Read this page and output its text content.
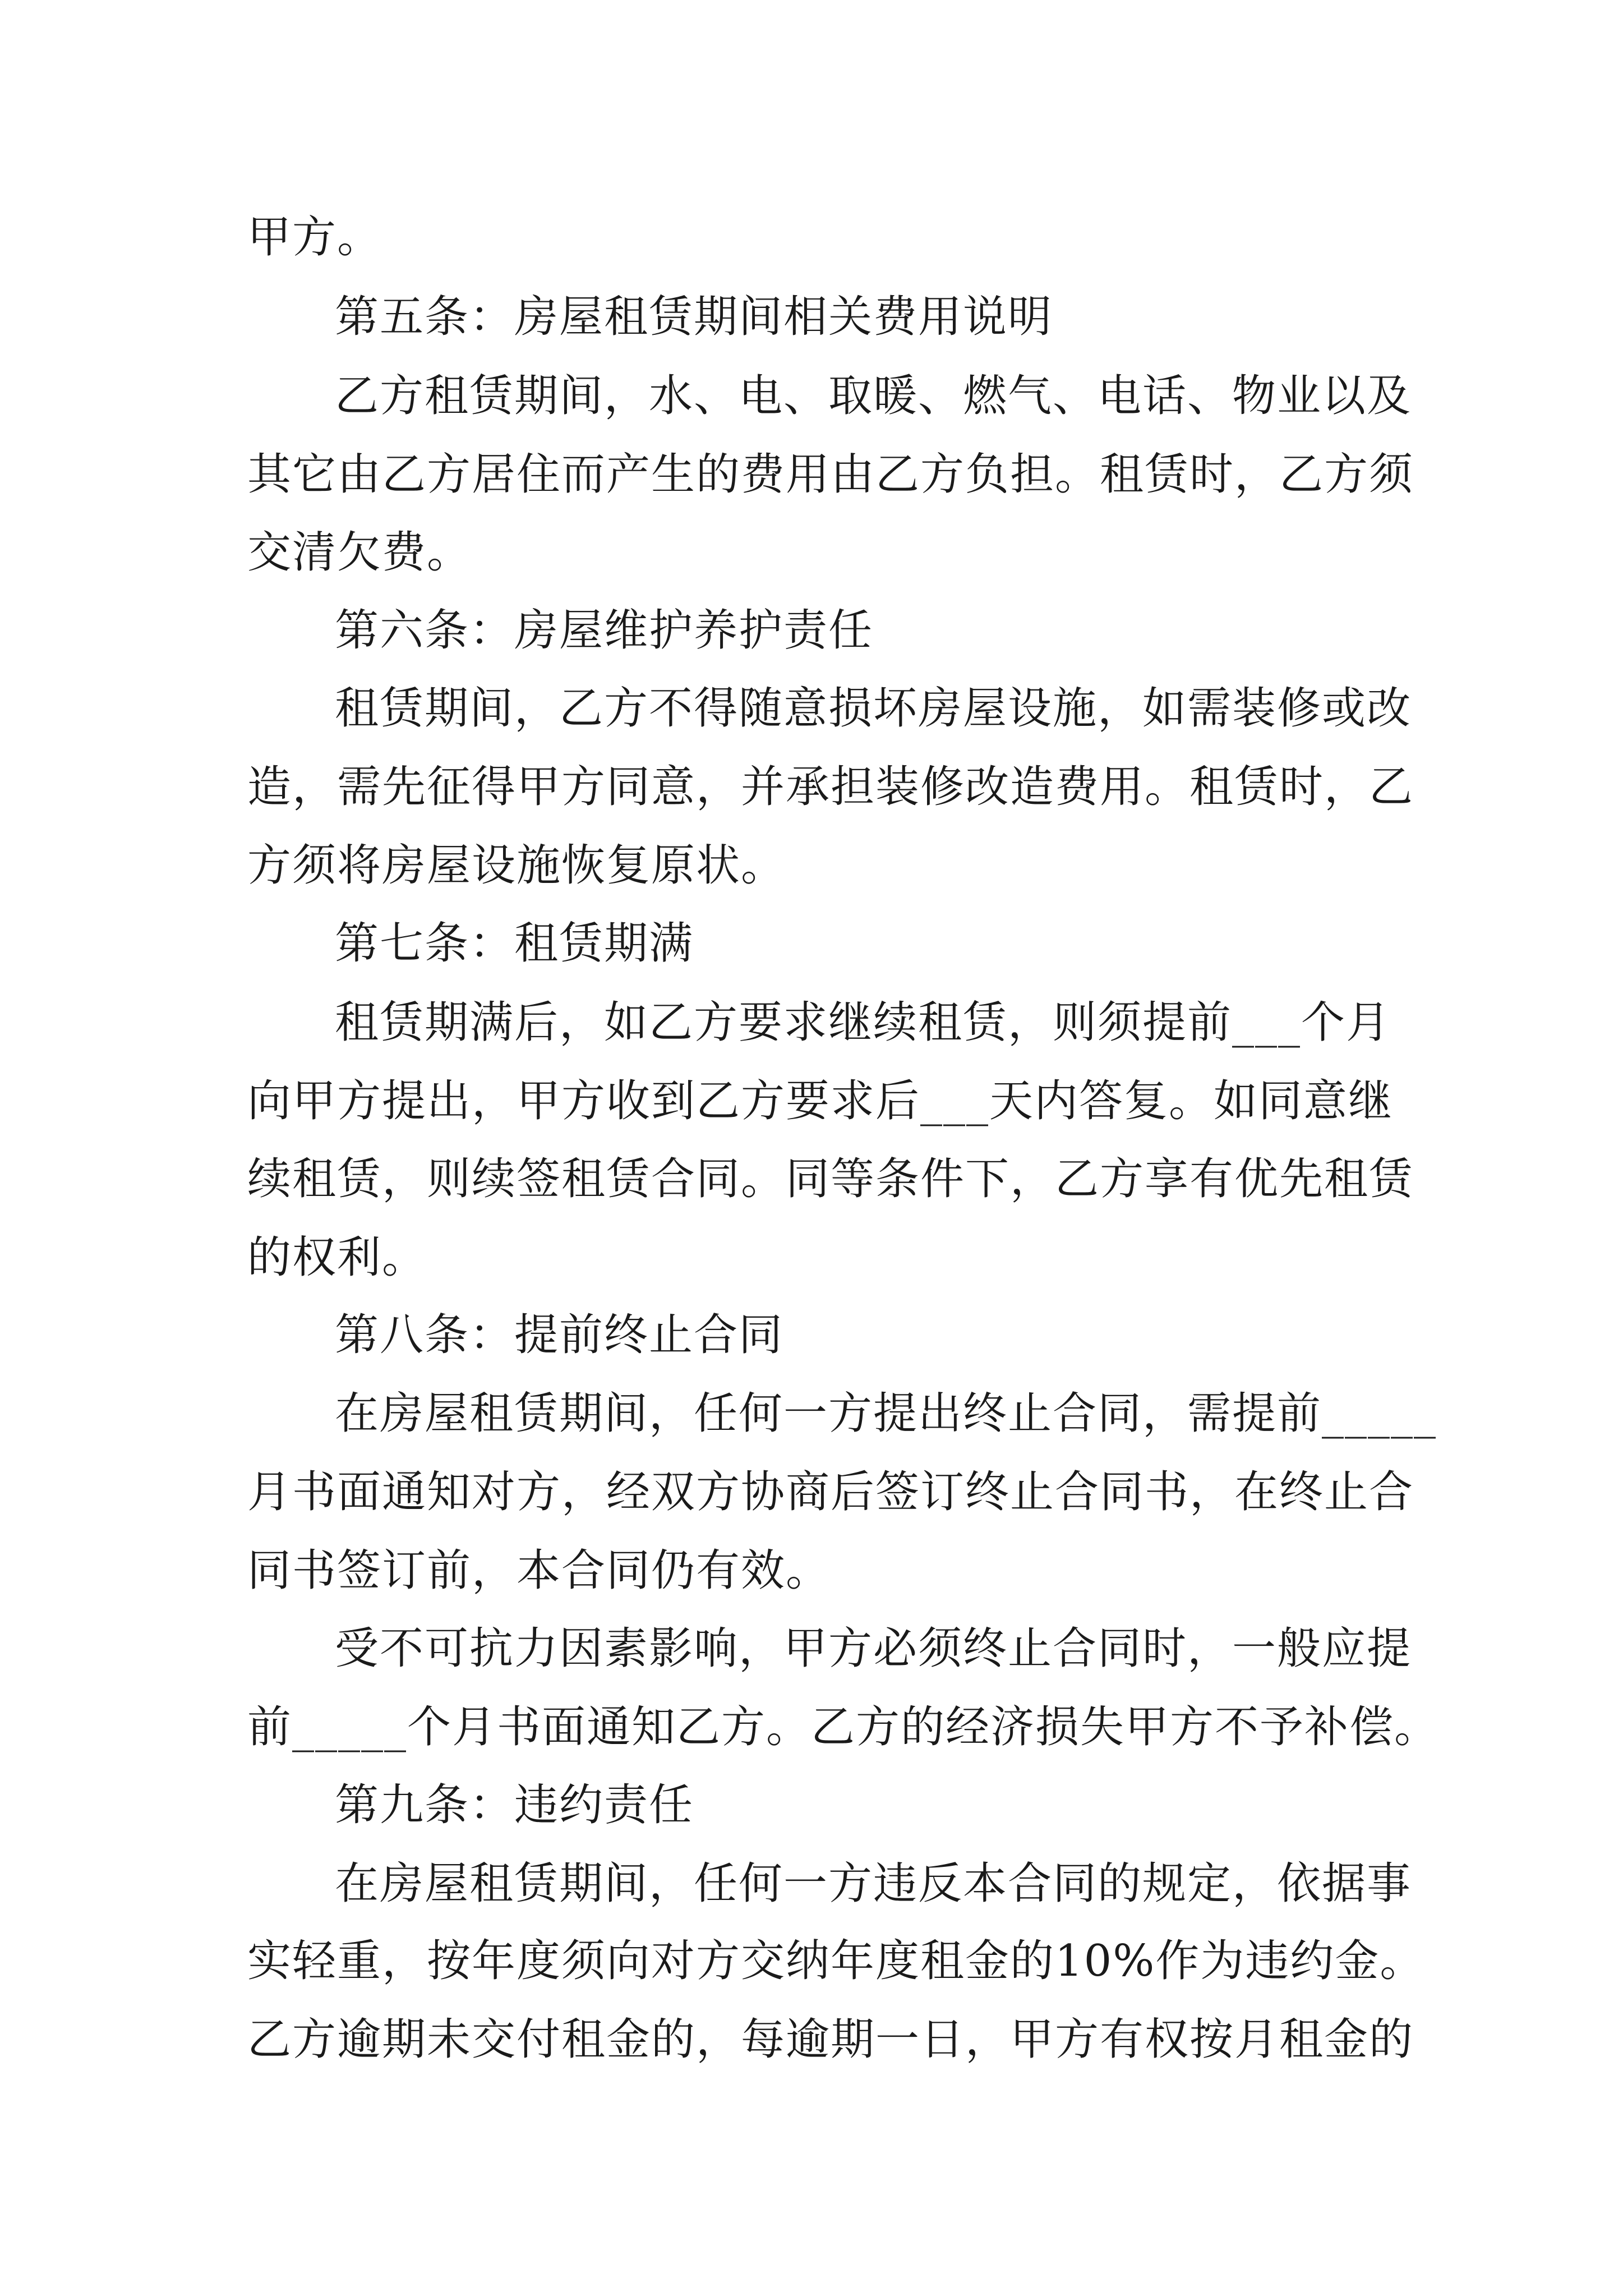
甲方。
第五条：房屋租赁期间相关费用说明
乙方租赁期间，水、电、取暖、燃气、电话、物业以及
其它由乙方居住而产生的费用由乙方负担。租赁时，乙方须
交清欠费。
第六条：房屋维护养护责任
租赁期间，乙方不得随意损坏房屋设施，如需装修或改
造，需先征得甲方同意，并承担装修改造费用。租赁时，乙
方须将房屋设施恢复原状。
第七条：租赁期满
租赁期满后，如乙方要求继续租赁，则须提前___个月
向甲方提出，甲方收到乙方要求后___天内答复。如同意继
续租赁，则续签租赁合同。同等条件下，乙方享有优先租赁
的权利。
第八条：提前终止合同
在房屋租赁期间，任何一方提出终止合同，需提前_____
月书面通知对方，经双方协商后签订终止合同书，在终止合
同书签订前，本合同仍有效。
受不可抗力因素影响，甲方必须终止合同时，一般应提
前_____个月书面通知乙方。乙方的经济损失甲方不予补偿。
第九条：违约责任
在房屋租赁期间，任何一方违反本合同的规定，依据事
实轻重，按年度须向对方交纳年度租金的10%作为违约金。
乙方逾期未交付租金的，每逾期一日，甲方有权按月租金的
